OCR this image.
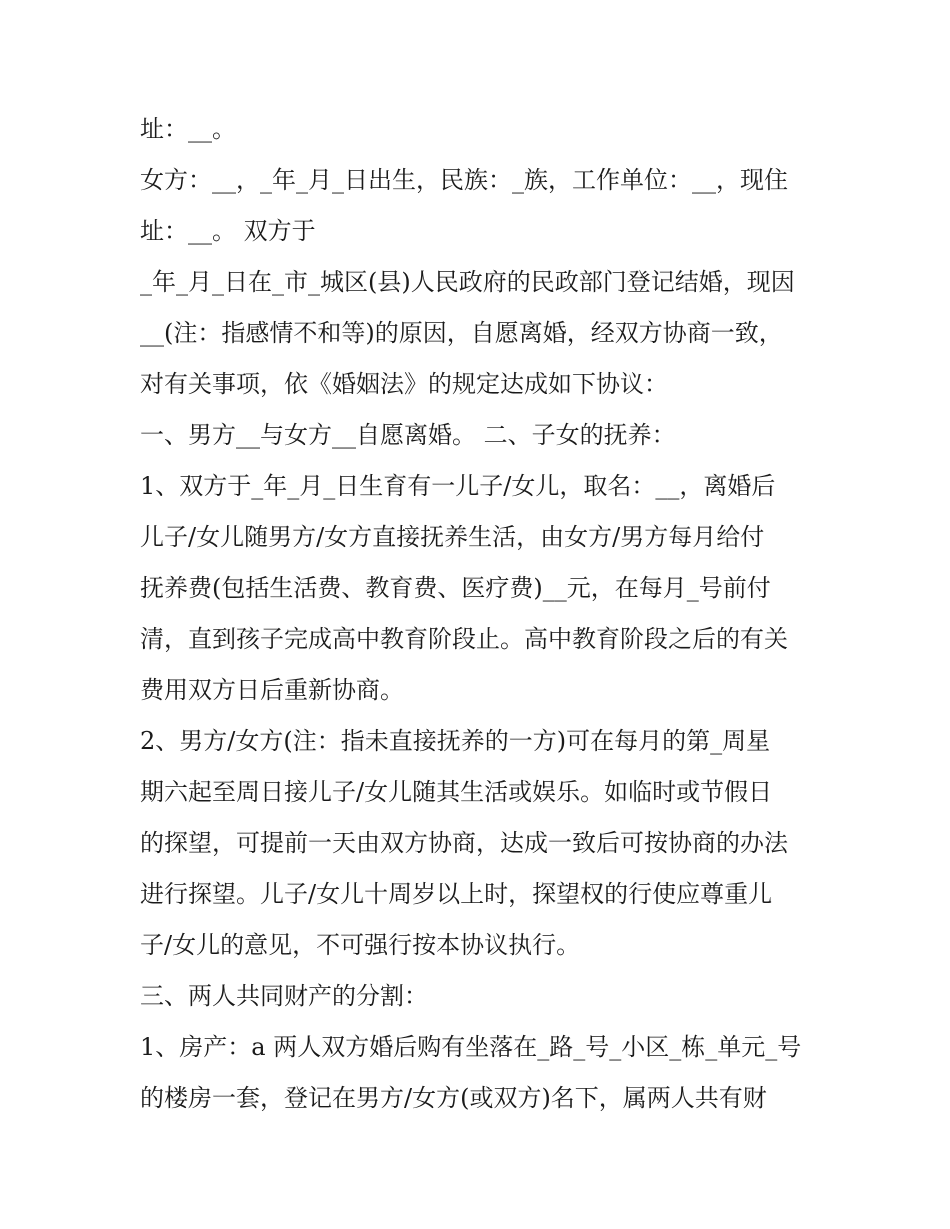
址：__。
女方：__，_年_月_日出生，民族：_族，工作单位：__，现住
址：__。 双方于
_年_月_日在_市_城区(县)人民政府的民政部门登记结婚，现因
__(注：指感情不和等)的原因，自愿离婚，经双方协商一致，
对有关事项，依《婚姻法》的规定达成如下协议：
一、男方__与女方__自愿离婚。 二、子女的抚养：
1、双方于_年_月_日生育有一儿子/女儿，取名：__，离婚后
儿子/女儿随男方/女方直接抚养生活，由女方/男方每月给付
抚养费(包括生活费、教育费、医疗费)__元，在每月_号前付
清，直到孩子完成高中教育阶段止。高中教育阶段之后的有关
费用双方日后重新协商。
2、男方/女方(注：指未直接抚养的一方)可在每月的第_周星
期六起至周日接儿子/女儿随其生活或娱乐。如临时或节假日
的探望，可提前一天由双方协商，达成一致后可按协商的办法
进行探望。儿子/女儿十周岁以上时，探望权的行使应尊重儿
子/女儿的意见，不可强行按本协议执行。
三、两人共同财产的分割：
1、房产：a 两人双方婚后购有坐落在_路_号_小区_栋_单元_号
的楼房一套，登记在男方/女方(或双方)名下，属两人共有财
